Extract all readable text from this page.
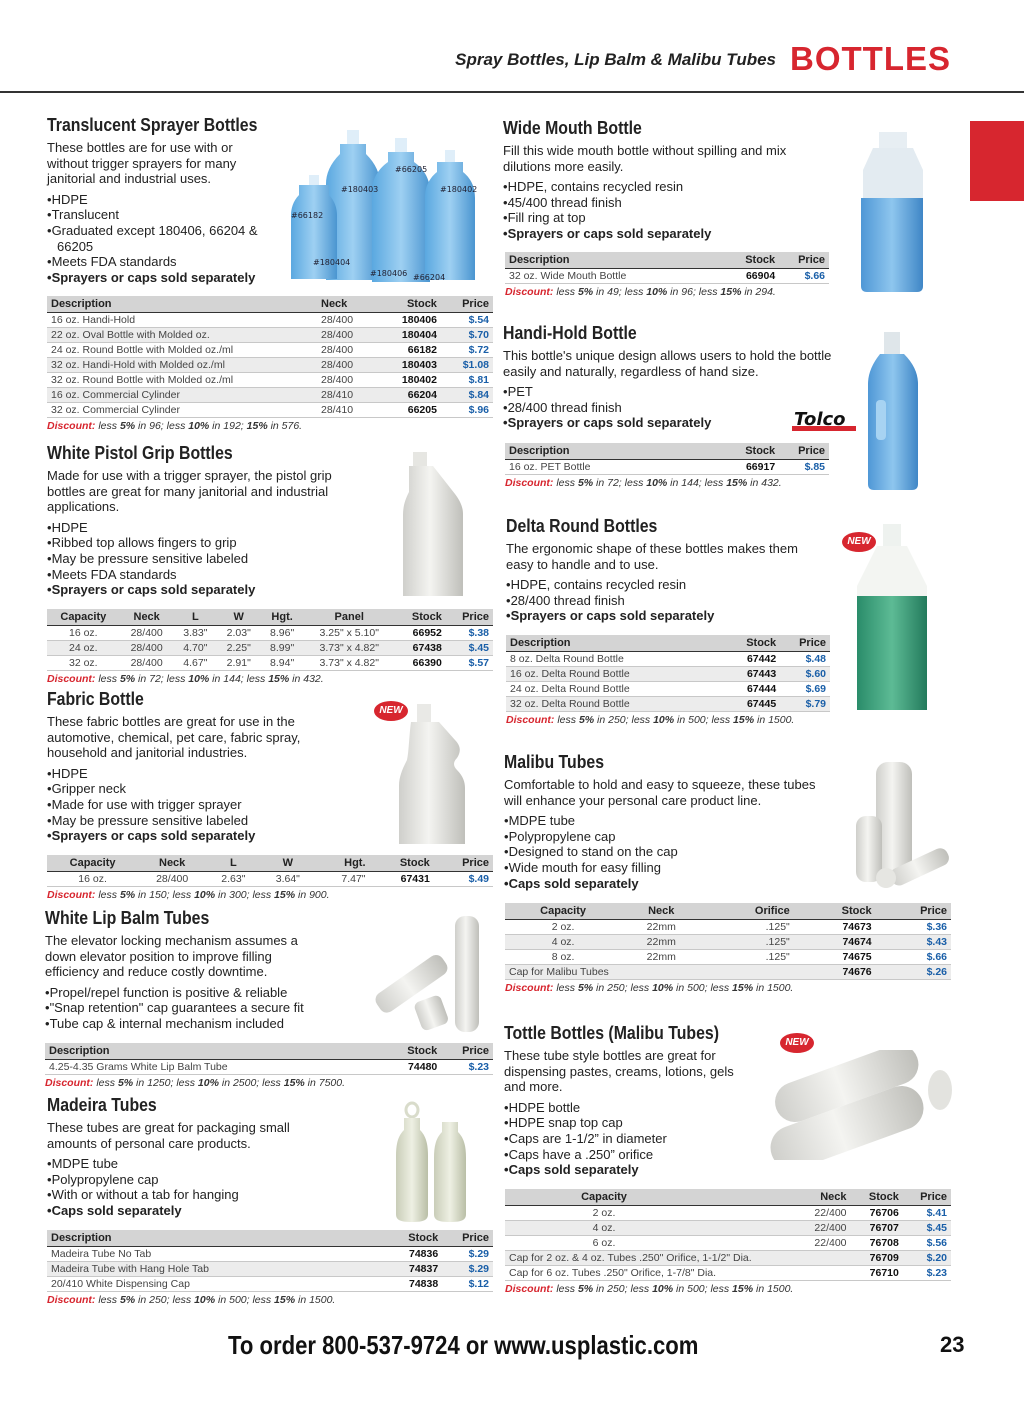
Spray Bottles, Lip Balm & Malibu Tubes BOTTLES
Translucent Sprayer Bottles

These bottles are for use with or without trigger sprayers for many janitorial and industrial uses.

• HDPE
• Translucent
• Graduated except 180406, 66204 & 66205
• Meets FDA standards
• Sprayers or caps sold separately
#66205
#180403	#180402
#66182
#180404
#180406 #66204
Description	Neck	Stock	Price
16 oz. Handi-Hold	28/400	180406	$.54
22 oz. Oval Bottle with Molded oz.	28/400	180404	$.70
24 oz. Round Bottle with Molded oz./ml	28/400	66182	$.72
32 oz. Handi-Hold with Molded oz./ml	28/400	180403	$1.08
32 oz. Round Bottle with Molded oz./ml	28/400	180402	$.81
16 oz. Commercial Cylinder	28/410	66204	$.84
32 oz. Commercial Cylinder	28/410	66205	$.96
Discount: less 5% in 96; less 10% in 192; 15% in 576.
White Pistol Grip Bottles

Made for use with a trigger sprayer, the pistol grip bottles are great for many janitorial and industrial applications.

• HDPE
• Ribbed top allows fingers to grip
• May be pressure sensitive labeled
• Meets FDA standards
• Sprayers or caps sold separately
Capacity	Neck	L	W	Hgt.	Panel	Stock	Price
16 oz.	28/400	3.83"	2.03"	8.96"	3.25" x 5.10"	66952	$.38
24 oz.	28/400	4.70"	2.25"	8.99"	3.73" x 4.82"	67438	$.45
32 oz.	28/400	4.67"	2.91"	8.94"	3.73" x 4.82"	66390	$.57
Discount: less 5% in 72; less 10% in 144; less 15% in 432.
Fabric Bottle

These fabric bottles are great for use in the automotive, chemical, pet care, fabric spray, household and janitorial industries.

• HDPE
• Gripper neck
• Made for use with trigger sprayer
• May be pressure sensitive labeled
• Sprayers or caps sold separately
NEW
Capacity	Neck	L	W	Hgt.	Stock	Price
16 oz.	28/400	2.63"	3.64"	7.47"	67431	$.49
Discount: less 5% in 150; less 10% in 300; less 15% in 900.
White Lip Balm Tubes

The elevator locking mechanism assumes a down elevator position to improve filling efficiency and reduce costly downtime.

• Propel/repel function is positive & reliable
• "Snap retention" cap guarantees a secure fit
• Tube cap & internal mechanism included
Description	Stock	Price
4.25-4.35 Grams White Lip Balm Tube	74480	$.23
Discount: less 5% in 1250; less 10% in 2500; less 15% in 7500.
Madeira Tubes

These tubes are great for packaging small amounts of personal care products.

• MDPE tube
• Polypropylene cap
• With or without a tab for hanging
• Caps sold separately
Description	Stock	Price
Madeira Tube No Tab	74836	$.29
Madeira Tube with Hang Hole Tab	74837	$.29
20/410 White Dispensing Cap	74838	$.12
Discount: less 5% in 250; less 10% in 500; less 15% in 1500.
Wide Mouth Bottle

Fill this wide mouth bottle without spilling and mix dilutions more easily.

• HDPE, contains recycled resin
• 45/400 thread finish
• Fill ring at top
• Sprayers or caps sold separately
Description	Stock	Price
32 oz. Wide Mouth Bottle	66904	$.66
Discount: less 5% in 49; less 10% in 96; less 15% in 294.
Handi-Hold Bottle

This bottle's unique design allows users to hold the bottle easily and naturally, regardless of hand size.

• PET
• 28/400 thread finish
• Sprayers or caps sold separately	Tolco
Description	Stock	Price
16 oz. PET Bottle	66917	$.85
Discount: less 5% in 72; less 10% in 144; less 15% in 432.
Delta Round Bottles

The ergonomic shape of these bottles makes them easy to handle and to use.

• HDPE, contains recycled resin
• 28/400 thread finish
• Sprayers or caps sold separately
NEW
Description	Stock	Price
8 oz. Delta Round Bottle	67442	$.48
16 oz. Delta Round Bottle	67443	$.60
24 oz. Delta Round Bottle	67444	$.69
32 oz. Delta Round Bottle	67445	$.79
Discount: less 5% in 250; less 10% in 500; less 15% in 1500.
Malibu Tubes

Comfortable to hold and easy to squeeze, these tubes will enhance your personal care product line.

• MDPE tube
• Polypropylene cap
• Designed to stand on the cap
• Wide mouth for easy filling
• Caps sold separately
Capacity	Neck	Orifice	Stock	Price
2 oz.	22mm	.125"	74673	$.36
4 oz.	22mm	.125"	74674	$.43
8 oz.	22mm	.125"	74675	$.66
Cap for Malibu Tubes			74676	$.26
Discount: less 5% in 250; less 10% in 500; less 15% in 1500.
Tottle Bottles (Malibu Tubes)

These tube style bottles are great for dispensing pastes, creams, lotions, gels and more.

• HDPE bottle
• HDPE snap top cap
• Caps are 1-1/2” in diameter
• Caps have a .250” orifice
• Caps sold separately
NEW
Capacity	Neck	Stock	Price
2 oz.	22/400	76706	$.41
4 oz.	22/400	76707	$.45
6 oz.	22/400	76708	$.56
Cap for 2 oz. & 4 oz. Tubes .250" Orifice, 1-1/2" Dia.		76709	$.20
Cap for 6 oz. Tubes .250" Orifice, 1-7/8" Dia.		76710	$.23
Discount: less 5% in 250; less 10% in 500; less 15% in 1500.
To order 800-537-9724 or www.usplastic.com	23
